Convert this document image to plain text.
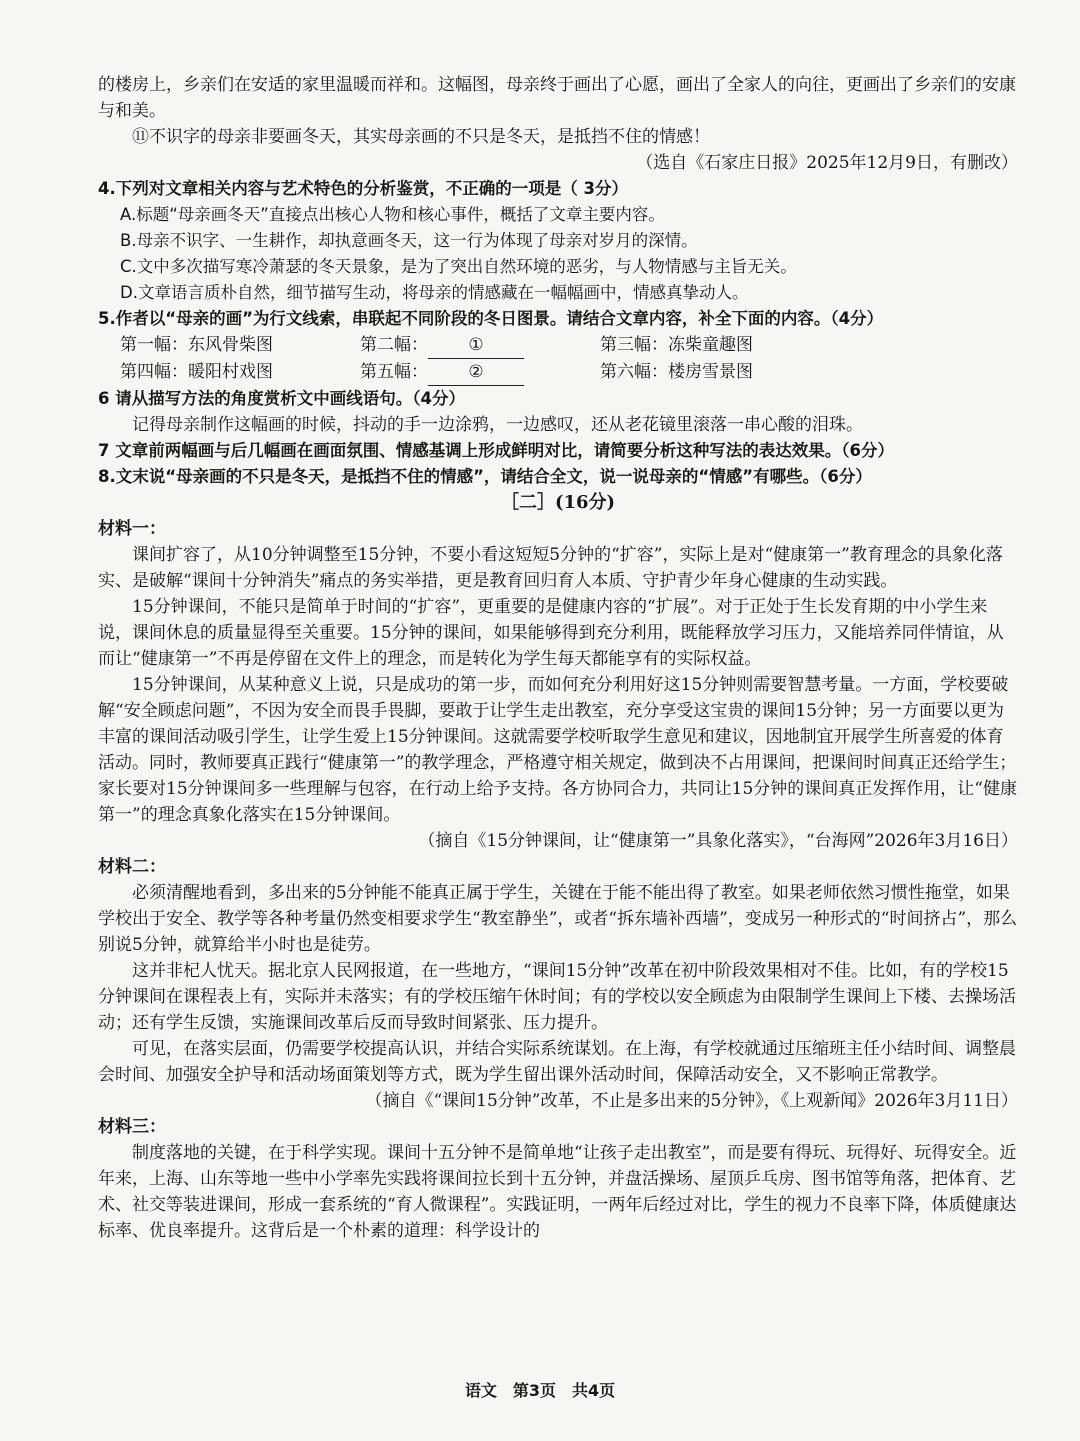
的楼房上，乡亲们在安适的家里温暖而祥和。这幅图，母亲终于画出了心愿，画出了全家人的向往，更画出了乡亲们的安康与和美。

⑪不识字的母亲非要画冬天，其实母亲画的不只是冬天，是抵挡不住的情感！

（选自《石家庄日报》2025年12月9日，有删改）

4.下列对文章相关内容与艺术特色的分析鉴赏，不正确的一项是（ 3分）

A.标题“母亲画冬天”直接点出核心人物和核心事件，概括了文章主要内容。

B.母亲不识字、一生耕作，却执意画冬天，这一行为体现了母亲对岁月的深情。

C.文中多次描写寒冷萧瑟的冬天景象，是为了突出自然环境的恶劣，与人物情感与主旨无关。

D.文章语言质朴自然，细节描写生动，将母亲的情感藏在一幅幅画中，情感真挚动人。

5.作者以“母亲的画”为行文线索，串联起不同阶段的冬日图景。请结合文章内容，补全下面的内容。（4分）

第一幅：东风骨柴图	第二幅： ①	第三幅：冻柴童趣图
第四幅：暖阳村戏图	第五幅： ②	第六幅：楼房雪景图

6 请从描写方法的角度赏析文中画线语句。（4分）

记得母亲制作这幅画的时候，抖动的手一边涂鸦，一边感叹，还从老花镜里滚落一串心酸的泪珠。

7 文章前两幅画与后几幅画在画面氛围、情感基调上形成鲜明对比，请简要分析这种写法的表达效果。（6分）

8.文末说“母亲画的不只是冬天，是抵挡不住的情感”，请结合全文，说一说母亲的“情感”有哪些。（6分）

［二］(16分)

材料一：

课间扩容了，从10分钟调整至15分钟，不要小看这短短5分钟的“扩容”，实际上是对“健康第一”教育理念的具象化落实、是破解“课间十分钟消失”痛点的务实举措，更是教育回归育人本质、守护青少年身心健康的生动实践。

15分钟课间，不能只是简单于时间的“扩容”，更重要的是健康内容的“扩展”。对于正处于生长发育期的中小学生来说，课间休息的质量显得至关重要。15分钟的课间，如果能够得到充分利用，既能释放学习压力，又能培养同伴情谊，从而让“健康第一”不再是停留在文件上的理念，而是转化为学生每天都能享有的实际权益。

15分钟课间，从某种意义上说，只是成功的第一步，而如何充分利用好这15分钟则需要智慧考量。一方面，学校要破解“安全顾虑问题”，不因为安全而畏手畏脚，要敢于让学生走出教室，充分享受这宝贵的课间15分钟；另一方面要以更为丰富的课间活动吸引学生，让学生爱上15分钟课间。这就需要学校听取学生意见和建议，因地制宜开展学生所喜爱的体育活动。同时，教师要真正践行“健康第一”的教学理念，严格遵守相关规定，做到决不占用课间，把课间时间真正还给学生；家长要对15分钟课间多一些理解与包容，在行动上给予支持。各方协同合力，共同让15分钟的课间真正发挥作用，让“健康第一”的理念真象化落实在15分钟课间。

（摘自《15分钟课间，让“健康第一”具象化落实》，“台海网”2026年3月16日）

材料二：

必须清醒地看到，多出来的5分钟能不能真正属于学生，关键在于能不能出得了教室。如果老师依然习惯性拖堂，如果学校出于安全、教学等各种考量仍然变相要求学生“教室静坐”，或者“拆东墙补西墙”，变成另一种形式的“时间挤占”，那么别说5分钟，就算给半小时也是徒劳。

这并非杞人忧天。据北京人民网报道，在一些地方，“课间15分钟”改革在初中阶段效果相对不佳。比如，有的学校15分钟课间在课程表上有，实际并未落实；有的学校压缩午休时间；有的学校以安全顾虑为由限制学生课间上下楼、去操场活动；还有学生反馈，实施课间改革后反而导致时间紧张、压力提升。

可见，在落实层面，仍需要学校提高认识，并结合实际系统谋划。在上海，有学校就通过压缩班主任小结时间、调整晨会时间、加强安全护导和活动场面策划等方式，既为学生留出课外活动时间，保障活动安全，又不影响正常教学。

（摘自《“课间15分钟”改革，不止是多出来的5分钟》，《上观新闻》2026年3月11日）

材料三：

制度落地的关键，在于科学实现。课间十五分钟不是简单地“让孩子走出教室”，而是要有得玩、玩得好、玩得安全。近年来，上海、山东等地一些中小学率先实践将课间拉长到十五分钟，并盘活操场、屋顶乒乓房、图书馆等角落，把体育、艺术、社交等装进课间，形成一套系统的“育人微课程”。实践证明，一两年后经过对比，学生的视力不良率下降，体质健康达标率、优良率提升。这背后是一个朴素的道理：科学设计的

语文　第3页　共4页
